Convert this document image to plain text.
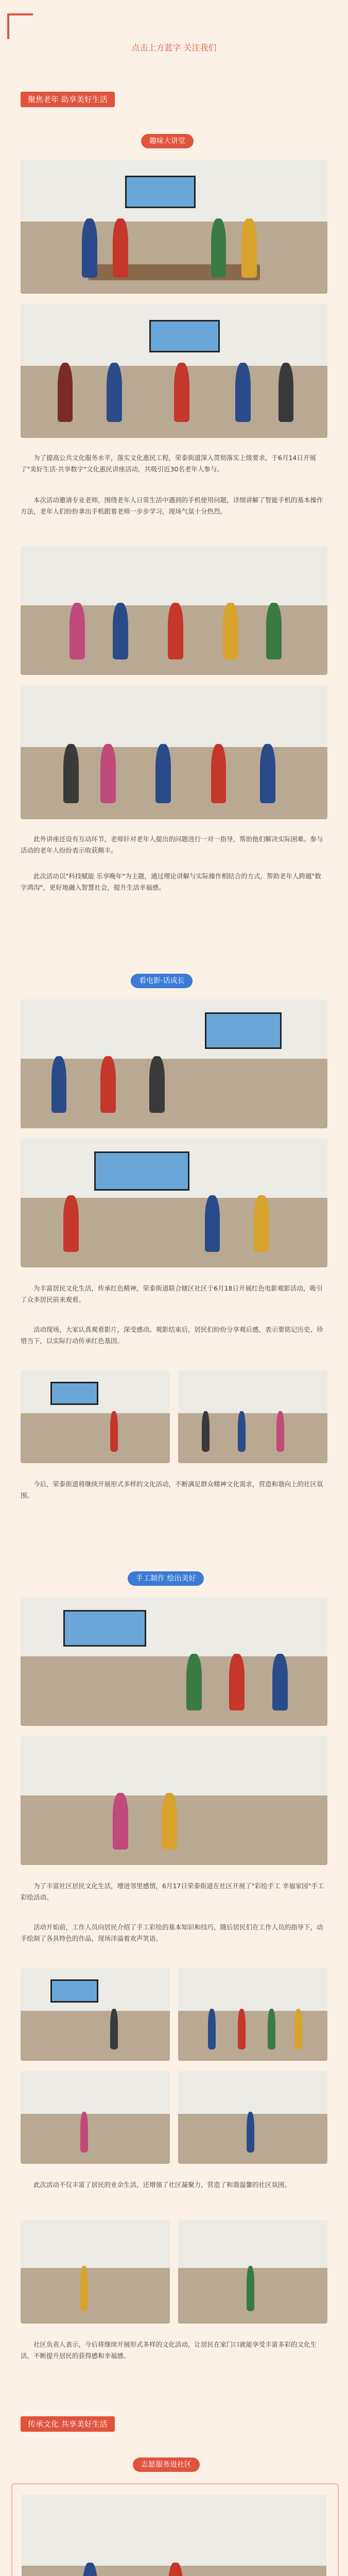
点击上方蓝字 关注我们
聚焦老年 助享美好生活
趣味大讲堂
为了提高公共文化服务水平，落实文化惠民工程，荣泰街道深入贯彻落实上级要求，于6月14日开展了"美好生活·共享数字"文化惠民讲座活动，共吸引近30名老年人参与。
本次活动邀请专业老师，围绕老年人日常生活中遇到的手机使用问题，详细讲解了智能手机的基本操作方法，老年人们纷纷拿出手机跟着老师一步步学习，现场气氛十分热烈。
此外讲座还设有互动环节，老师针对老年人提出的问题进行一对一指导，帮助他们解决实际困难。参与活动的老年人纷纷表示收获颇丰。
此次活动以"科技赋能 乐享晚年"为主题，通过理论讲解与实际操作相结合的方式，帮助老年人跨越"数字鸿沟"，更好地融入智慧社会，提升生活幸福感。
看电影·话成长
为丰富居民文化生活，传承红色精神，荣泰街道联合辖区社区于6月18日开展红色电影观影活动，吸引了众多居民前来观看。
活动现场，大家认真观看影片，深受感动。观影结束后，居民们纷纷分享观后感，表示要铭记历史、珍惜当下，以实际行动传承红色基因。
今后，荣泰街道将继续开展形式多样的文化活动，不断满足群众精神文化需求，营造和谐向上的社区氛围。
手工制作 绘出美好
为了丰富社区居民文化生活，增进邻里感情，6月17日荣泰街道在社区开展了"彩绘手工 幸福家园"手工彩绘活动。
活动开始前，工作人员向居民介绍了手工彩绘的基本知识和技巧，随后居民们在工作人员的指导下，动手绘制了各具特色的作品，现场洋溢着欢声笑语。
此次活动不仅丰富了居民的业余生活，还增强了社区凝聚力，营造了和谐温馨的社区氛围。
社区负责人表示，今后将继续开展形式多样的文化活动，让居民在家门口就能享受丰富多彩的文化生活，不断提升居民的获得感和幸福感。
传承文化 共享美好生活
志愿服务进社区
